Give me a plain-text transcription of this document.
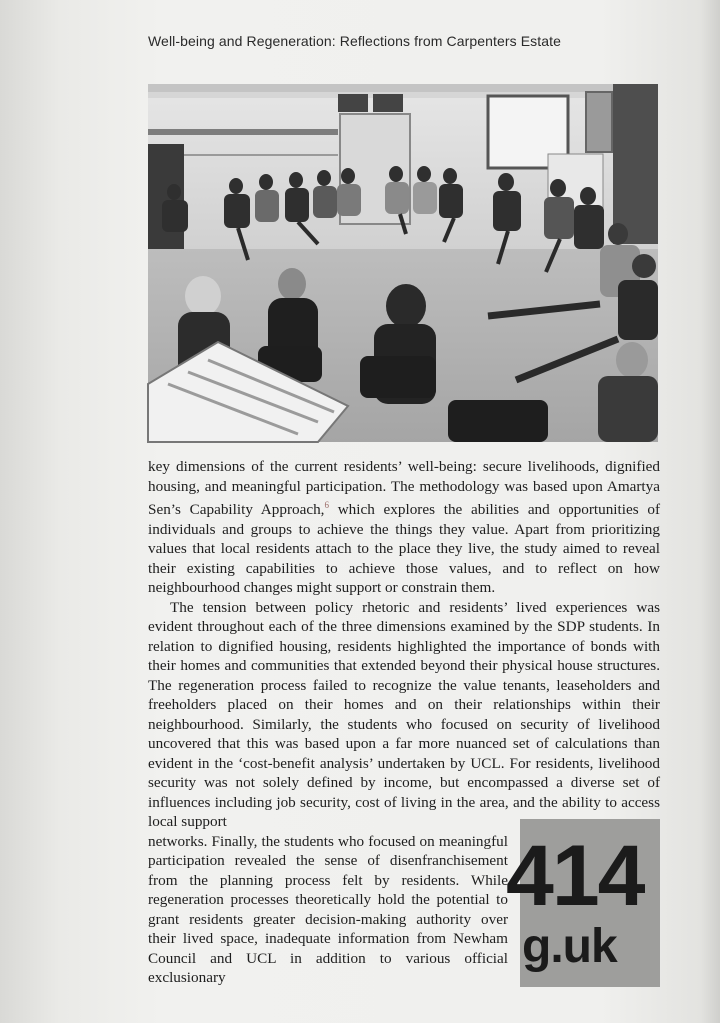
Well-being and Regeneration: Reflections from Carpenters Estate

key dimensions of the current residents’ well-being: secure livelihoods, dignified housing, and meaningful participation. The methodology was based upon Amartya Sen’s Capability Approach,$^6$ which explores the abilities and opportunities of individuals and groups to achieve the things they value. Apart from prioritizing values that local residents attach to the place they live, the study aimed to reveal their existing capabilities to achieve those values, and to reflect on how neighbourhood changes might support or constrain them.

The tension between policy rhetoric and residents’ lived experiences was evident throughout each of the three dimensions examined by the SDP students. In relation to dignified housing, residents highlighted the importance of bonds with their homes and communities that extended beyond their physical house structures. The regeneration process failed to recognize the value tenants, leaseholders and freeholders placed on their homes and on their relationships within their neighbourhood. Similarly, the students who focused on security of livelihood uncovered that this was based upon a far more nuanced set of calculations than evident in the ‘cost-benefit analysis’ undertaken by UCL. For residents, livelihood security was not solely defined by income, but encompassed a diverse set of influences including job security, cost of living in the area, and the ability to access local support

networks. Finally, the students who focused on meaningful participation revealed the sense of disenfranchisement from the planning process felt by residents. While regeneration processes theoretically hold the potential to grant residents greater decision-making authority over their lived space, inadequate information from Newham Council and UCL in addition to various official exclusionary

414
g.uk
